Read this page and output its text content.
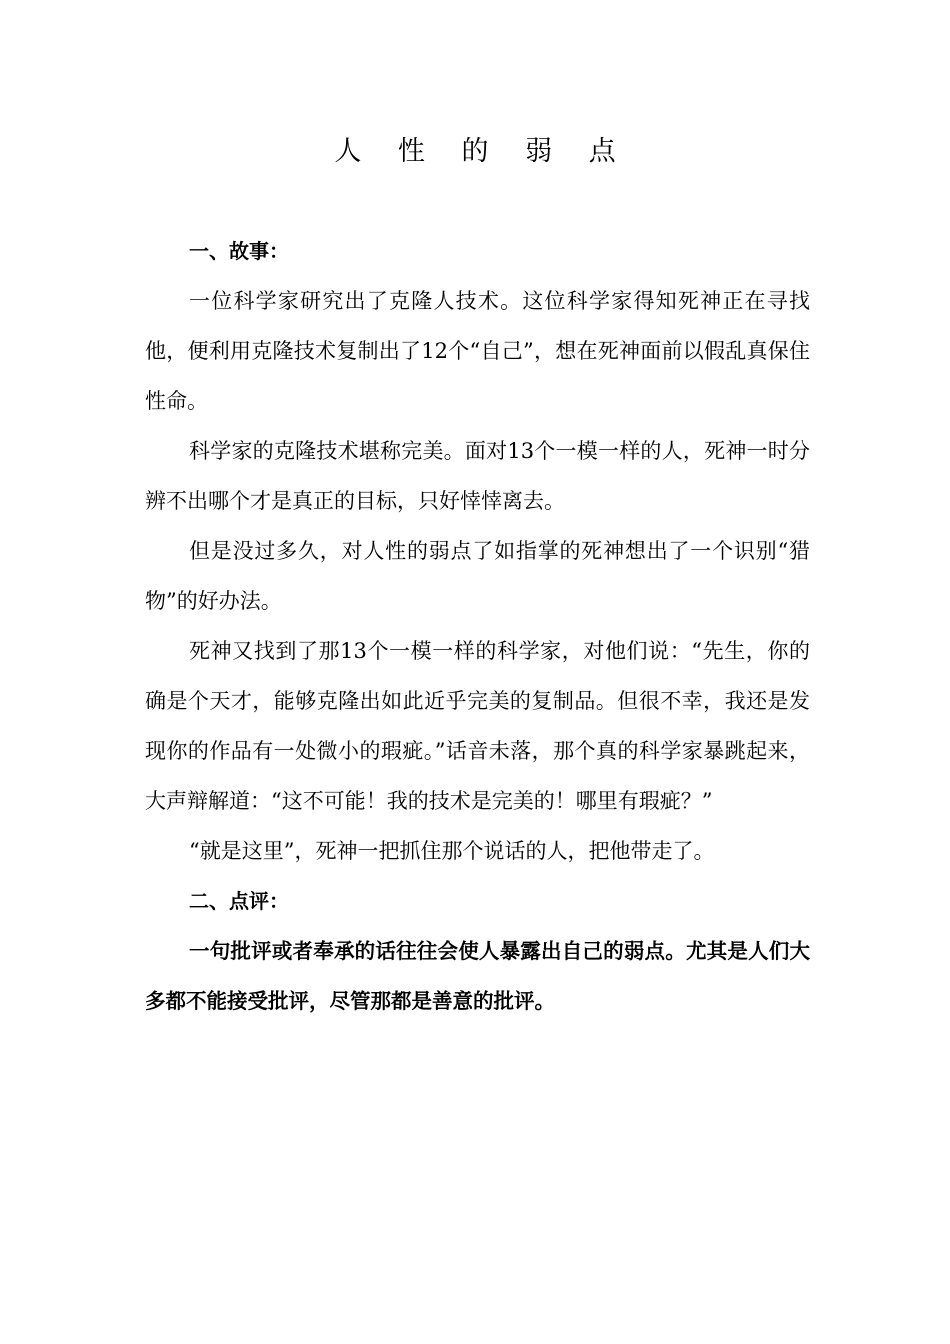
人 性 的 弱 点

一、故事：

一位科学家研究出了克隆人技术。这位科学家得知死神正在寻找他，便利用克隆技术复制出了12个“自己”，想在死神面前以假乱真保住性命。

科学家的克隆技术堪称完美。面对13个一模一样的人，死神一时分辨不出哪个才是真正的目标，只好悻悻离去。

但是没过多久，对人性的弱点了如指掌的死神想出了一个识别“猎物”的好办法。

死神又找到了那13个一模一样的科学家，对他们说：“先生，你的确是个天才，能够克隆出如此近乎完美的复制品。但很不幸，我还是发现你的作品有一处微小的瑕疵。”话音未落，那个真的科学家暴跳起来，大声辩解道：“这不可能！我的技术是完美的！哪里有瑕疵？”

“就是这里”，死神一把抓住那个说话的人，把他带走了。

二、点评：

一句批评或者奉承的话往往会使人暴露出自己的弱点。尤其是人们大多都不能接受批评，尽管那都是善意的批评。
